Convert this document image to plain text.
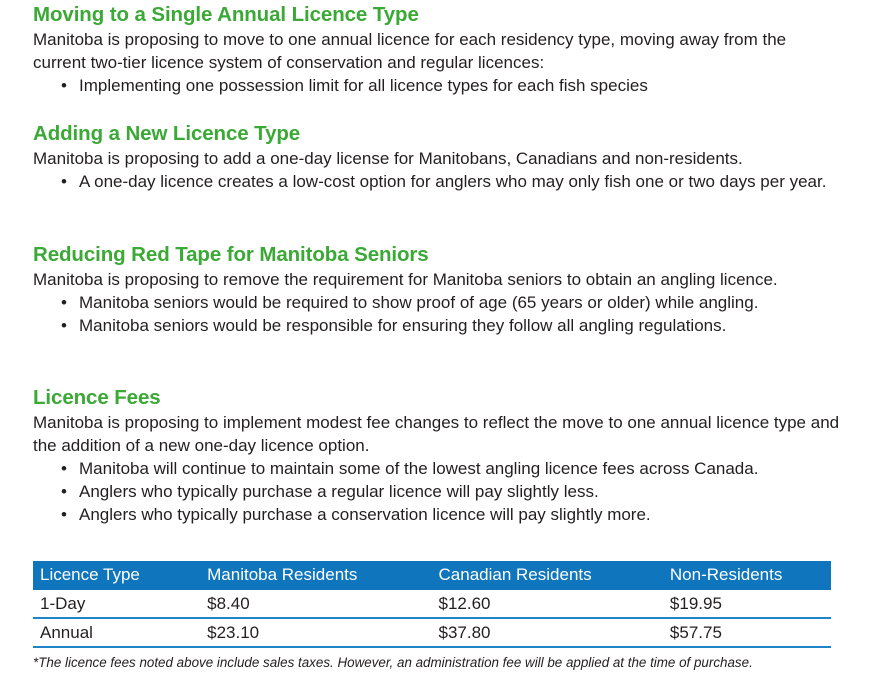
Moving to a Single Annual Licence Type

Manitoba is proposing to move to one annual licence for each residency type, moving away from the current two-tier licence system of conservation and regular licences:

• Implementing one possession limit for all licence types for each fish species
Adding a New Licence Type

Manitoba is proposing to add a one-day license for Manitobans, Canadians and non-residents.

• A one-day licence creates a low-cost option for anglers who may only fish one or two days per year.
Reducing Red Tape for Manitoba Seniors

Manitoba is proposing to remove the requirement for Manitoba seniors to obtain an angling licence.

• Manitoba seniors would be required to show proof of age (65 years or older) while angling.
• Manitoba seniors would be responsible for ensuring they follow all angling regulations.
Licence Fees

Manitoba is proposing to implement modest fee changes to reflect the move to one annual licence type and the addition of a new one-day licence option.

• Manitoba will continue to maintain some of the lowest angling licence fees across Canada.
• Anglers who typically purchase a regular licence will pay slightly less.
• Anglers who typically purchase a conservation licence will pay slightly more.
Licence Type	Manitoba Residents	Canadian Residents	Non-Residents
1-Day	$8.40	$12.60	$19.95
Annual	$23.10	$37.80	$57.75

*The licence fees noted above include sales taxes. However, an administration fee will be applied at the time of purchase.
